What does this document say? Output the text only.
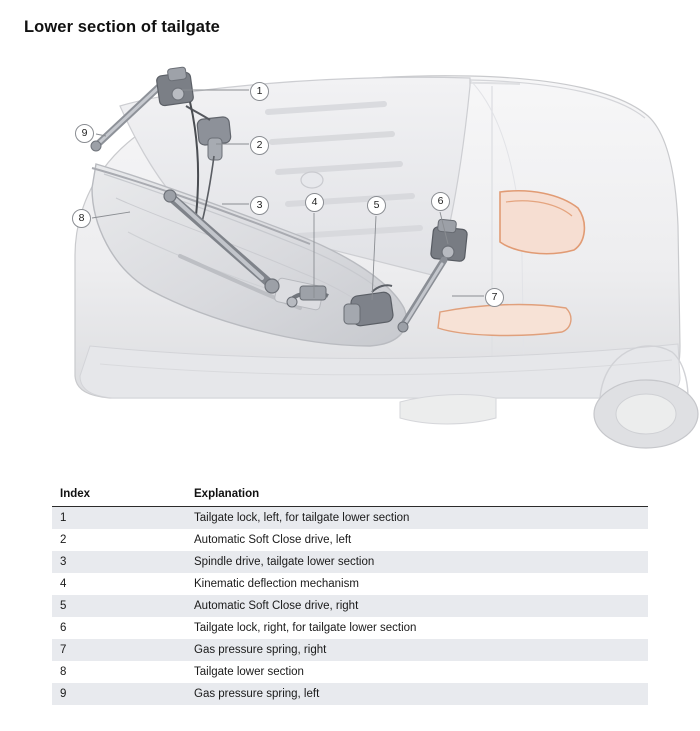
Lower section of tailgate
1
2
3	4	5	6
7
8
9
Index	Explanation
1	Tailgate lock, left, for tailgate lower section
2	Automatic Soft Close drive, left
3	Spindle drive, tailgate lower section
4	Kinematic deflection mechanism
5	Automatic Soft Close drive, right
6	Tailgate lock, right, for tailgate lower section
7	Gas pressure spring, right
8	Tailgate lower section
9	Gas pressure spring, left
